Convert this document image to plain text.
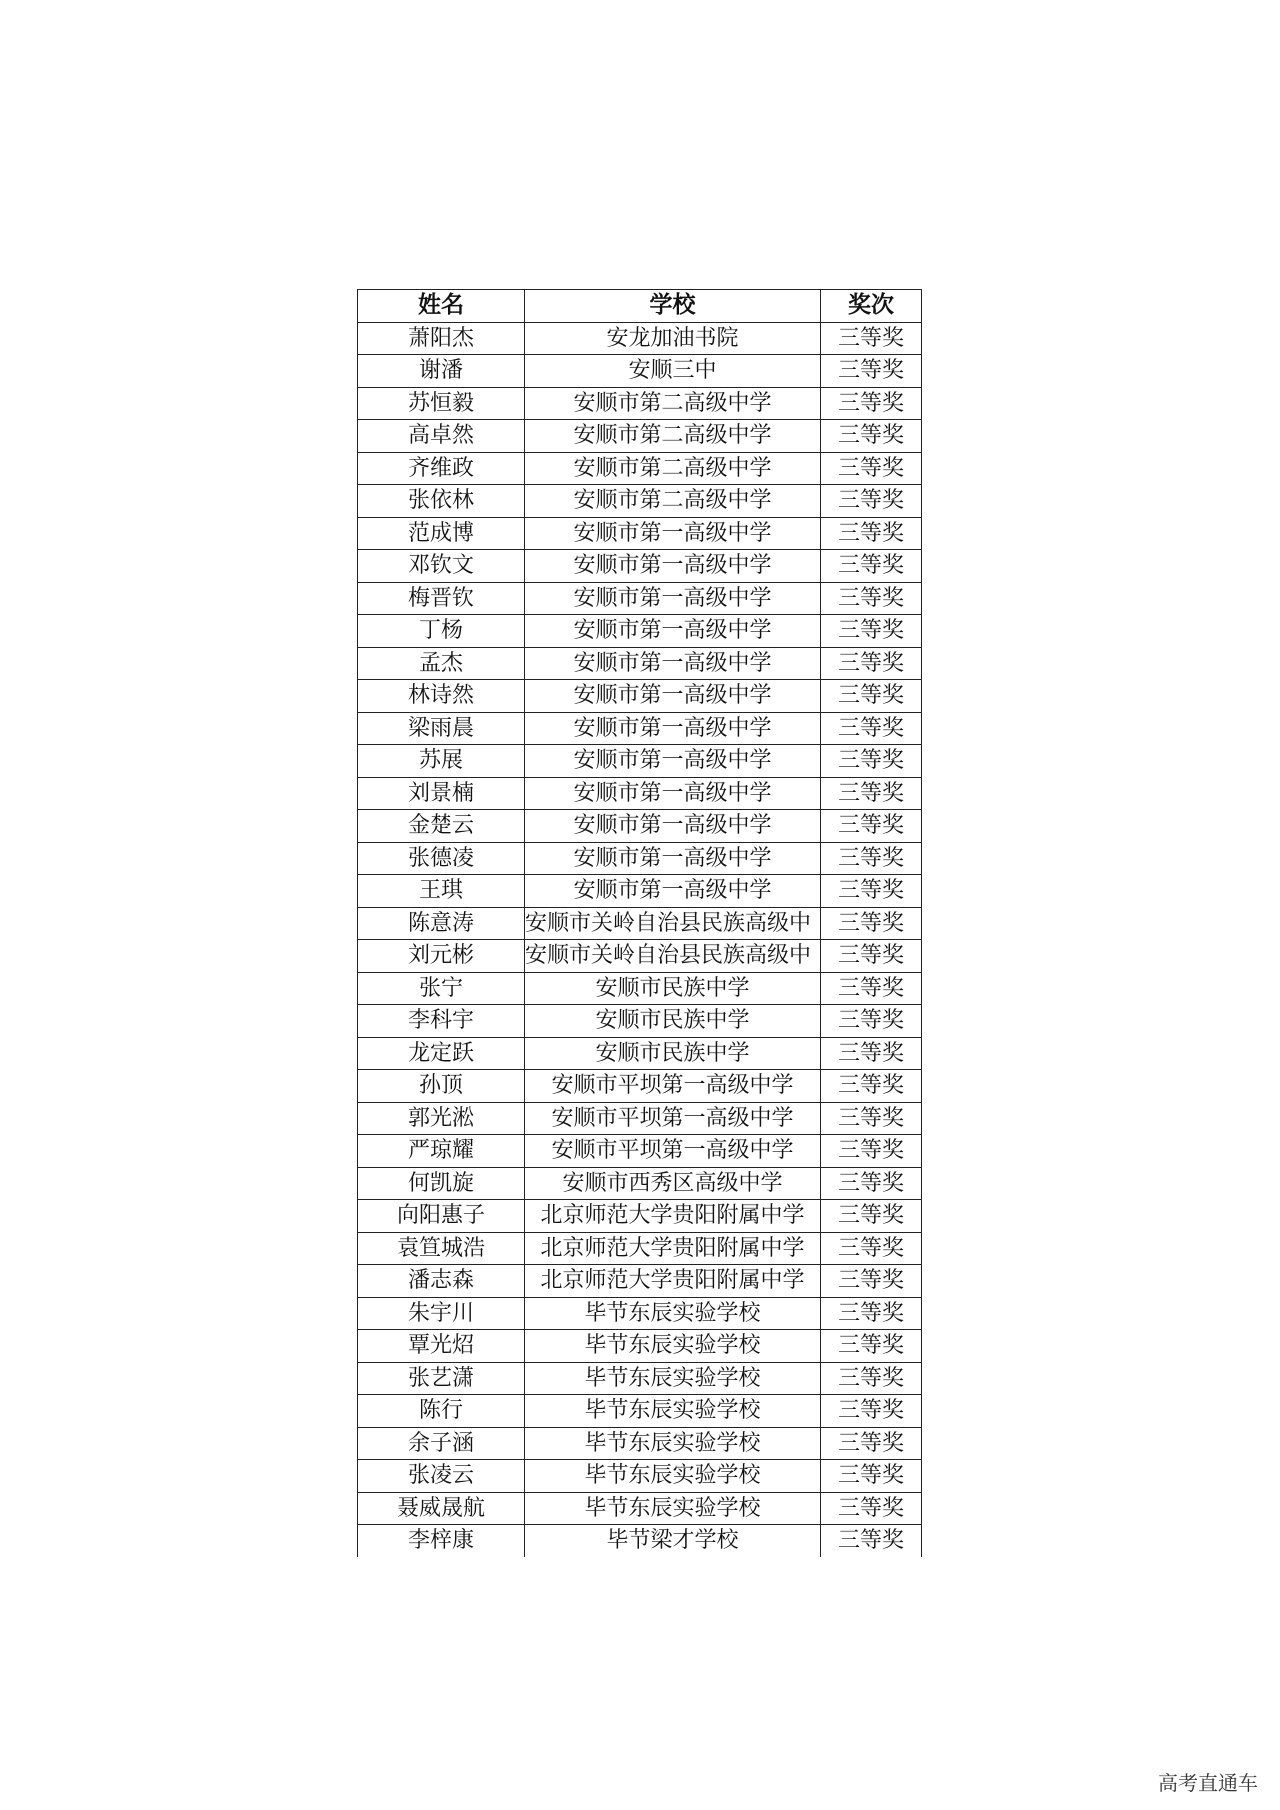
姓名	学校	奖次
萧阳杰	安龙加油书院	三等奖
谢潘	安顺三中	三等奖
苏恒毅	安顺市第二高级中学	三等奖
高卓然	安顺市第二高级中学	三等奖
齐维政	安顺市第二高级中学	三等奖
张依林	安顺市第二高级中学	三等奖
范成博	安顺市第一高级中学	三等奖
邓钦文	安顺市第一高级中学	三等奖
梅晋钦	安顺市第一高级中学	三等奖
丁杨	安顺市第一高级中学	三等奖
孟杰	安顺市第一高级中学	三等奖
林诗然	安顺市第一高级中学	三等奖
梁雨晨	安顺市第一高级中学	三等奖
苏展	安顺市第一高级中学	三等奖
刘景楠	安顺市第一高级中学	三等奖
金楚云	安顺市第一高级中学	三等奖
张德凌	安顺市第一高级中学	三等奖
王琪	安顺市第一高级中学	三等奖
陈意涛	安顺市关岭自治县民族高级中	三等奖
刘元彬	安顺市关岭自治县民族高级中	三等奖
张宁	安顺市民族中学	三等奖
李科宇	安顺市民族中学	三等奖
龙定跃	安顺市民族中学	三等奖
孙顶	安顺市平坝第一高级中学	三等奖
郭光淞	安顺市平坝第一高级中学	三等奖
严琼耀	安顺市平坝第一高级中学	三等奖
何凯旋	安顺市西秀区高级中学	三等奖
向阳惠子	北京师范大学贵阳附属中学	三等奖
袁笪城浩	北京师范大学贵阳附属中学	三等奖
潘志森	北京师范大学贵阳附属中学	三等奖
朱宇川	毕节东辰实验学校	三等奖
覃光炤	毕节东辰实验学校	三等奖
张艺潇	毕节东辰实验学校	三等奖
陈行	毕节东辰实验学校	三等奖
余子涵	毕节东辰实验学校	三等奖
张凌云	毕节东辰实验学校	三等奖
聂威晟航	毕节东辰实验学校	三等奖
李梓康	毕节梁才学校	三等奖
高考直通车
